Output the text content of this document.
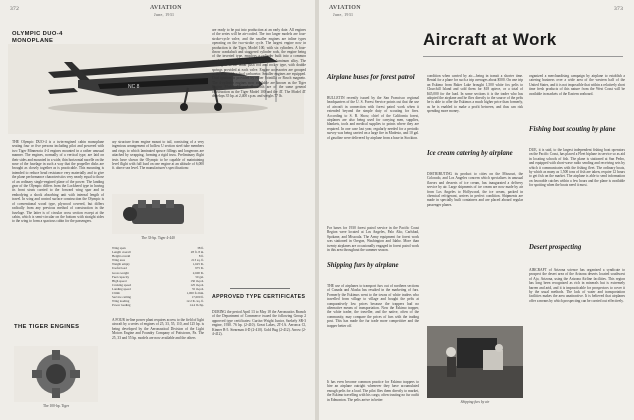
372	AVIATION
June, 1931
OLYMPIC DUO-4 MONOPLANE
NC 8
THE Olympic DUO-4 is a twin-engined cabin monoplane seating four or five persons including pilot and powered with two Tiger Minnesota 4-4 engines mounted in a rather unusual manner. The engines, normally of a vertical type, are laid on their sides and mounted in a wide, thin horizontal nacelle on the nose of the fuselage in such a way that the propeller disks are brought as closely together as is practicable. This mounting is intended to reduce head resistance very materially and to give the plane performance characteristics very nearly equal to those of an ordinary single-engined plane of the power. The landing gear of the Olympic differs from the Lockheed type in having its front struts carried to the forward wing spar and in embodying a shock absorbing unit with internal length of travel. In wing and control surface construction the Olympic is of conventional wood type, plywood covered, but differs radically from any previous method of construction in the fuselage. The latter is of circular cross section except at the cabin, which is semi-circular on the bottom with straight sides to the wing to form a spacious cabin for the passengers.
ary structure from engine mount to tail, consisting of a very ingenious arrangement of hollow U section steel tube members and rings to which laminated spruce fillings and longerons are attached by wrapping, forming a rigid truss. Preliminary flight tests have shown the Olympic to be capable of maintaining level flight with full load on one engine at an altitude of 6,000 ft. above sea level. The manufacturer's specifications:
The 33-hp. Tiger 4-440
Wing span	38 ft.
Length overall	28 ft. 8 in.
Height overall	8 ft.
Wing area	213 sq. ft.
Weight empty	1,625 lb.
Useful load	975 lb.
Gross weight	2,600 lb.
Fuel capacity	50 gal.
High speed	150 m.p.h.
Cruising speed	125 m.p.h.
Landing speed	55 m.p.h.
Climb	1,000 ft./min.
Service ceiling	17,000 ft.
Wing loading	12.2 lb./sq. ft.
Power loading	14.4 lb./hp.
THE TIGER ENGINES
A FOUR in-line power plant requires access to the field of light aircraft by a series of engines of 25, 33, 55, 110, and 125 hp. is being developed by the Aeronautical Division of the Light Motors Engine and Foundry Company of Pottstown, Pa. The 25, 33 and 55 hp. models are now available and the others
The 100-hp. Tiger
are ready to be put into production at an early date. All engines of the series will be air-cooled. The two larger models are four-stroke-cycle valve, and the smaller engines are inline types operating on the two-stroke cycle. The largest engine now in production is the Tiger, Model 100, with six cylinders. A four-throw crankshaft and staggered cylinder rods, the engine being of the inverted type, employs a cylinder built into a common crankcase. Pistons and crankcase are of aluminum alloy. The valve gear is the usual push rod and rocker type, with double springs provided at each valve. Engine accessories are grouped at the rear, with a dual carburetor. Smaller engines are equipped. Dual ignition is provided by either Scintilla or Bosch magneto. The 4-cylinder engines now available are known as the Tiger Engine Model 4T and 4L. Both are of the same general construction as the Tiger Model 100 and the 4T. The Model 4T develops 35 hp. at 2,400 r.p.m. and weighs 77 lb.
APPROVED TYPE CERTIFICATES
DURING the period April 13 to May 18 the Aeronautics Branch of the Department of Commerce issued the following Group 2 approved type certificates: Curtiss-Wright Junior, Szekely SR-3 engine, 1930. 76 hp. (2-410). Great Lakes, 2T-1A. Aeronca Cl, Kinner B-5. Stearman 4-D (2-410). Gold Bug (2-412). Arrow (2-4-412).
AVIATION
June, 1931
373
Aircraft at Work
Airplane buses for forest patrol
BULLETIN recently issued by the San Francisco regional headquarters of the U. S. Forest Service points out that the use of aircraft in connection with forest patrol work when it extended beyond the simple duty of scouting for fires. According to S. B. Show, chief of the California forest, airplanes are also being used for carrying men, supplies, blankets, tools and medical supplies to points where they are required. In one case last year, regularly needed for a periodic survey was being carried on a large fire in Modesto, and 10 gal. of gasoline were delivered by airplane from a base in Stockton.
For bases for 1930 forest patrol service in the Pacific Coast Region were located at Los Angeles, Palo Alto, Carlsbad, Spokane, and Missoula. The Army equipment for forest work was stationed in Oregon, Washington and Idaho. More than twenty airplanes are occasionally engaged in forest patrol work in this area throughout the summer season.
Shipping furs by airplane
THE use of airplanes to transport furs out of northern sections of Canada and Alaska has resulted in the marketing of furs. Formerly the Eskimos went to the towns of white traders who travelled from village to village and bought the pelts at comparatively low prices because the trappers had no alternative means of transportation. Now the Eskimo trapper, the white trader, the traveller, and the native, often of the community, may compare the prices of furs with the trading post. This has made the fur trade more competitive and the trapper better off.
It has even become common practice for Eskimo trappers to hire an airplane outright whenever they have accumulated enough pelts for a load. The pilot flies them directly to market, the Eskimo travelling with his cargo, often trusting no fur outfit in Edmonton. The pelts arrive in better
condition when carried by air—being in transit a shorter time. Rental for a plane for such a trip averages about $500. On one trip an Eskimo from Baker Lake brought 1,500 white fox pelts to Churchill Island and sold them for $18 apiece, or a total of $45,000 for the load. In some sections it is the trader who has adopted the airplane and he flies directly to the source of the pelts he is able to offer the Eskimos a much higher price than formerly, as he is enabled to make a profit between, and thus can risk spending more money.
Ice cream catering by airplane
DISTRIBUTING its product to cities on the Missouri, the Colorado, and Los Angeles concern which specializes in unusual flavors and desserts of ice cream, has inaugurated a delivery service by air. Large shipments of ice cream are now made by air from Los Angeles to Hollywood, the ice cream, packed in chemical refrigerant, arrives in perfect condition. Shipments are made in specially built containers and are placed aboard regular passenger planes.
organized a merchandising campaign by airplane to establish a catering business over a wide area of the western half of the United States, and it is not impossible that within a relatively short time fresh products of this nature from the West Coast will be available in markets of the Eastern seaboard.
Fishing boat scouting by plane
DUE, it is said, to the largest independent fishing boat operators on the Pacific Coast, has placed a Fleet biplane in service so as aid in locating schools of fish. The plane is stationed at San Pedro, and equipped with short-wave radio sending and receiving sets by which it communicates with the fishing fleet. The ordinary boats, by which as many as 1,500 tons of fish are taken, require 12 hours to get fish on the market. The airplane is able to send information on favorable catches within a few hours and the plane is available for spotting when the boats need it most.
Desert prospecting
AIRCRAFT of Arizona science has organized a syndicate to prospect the desert area of the Arizona deserts located southwest of Ajo, Arizona, using the Arizona Airline facilities. This region has long been recognized as rich in minerals but is extremely barren and arid, and it is impracticable for prospectors to cover it by the usual methods. The lack of water and transportation facilities makes the area unattractive. It is believed that airplanes offer a means by which prospecting can be carried out effectively.
Shipping furs by air
